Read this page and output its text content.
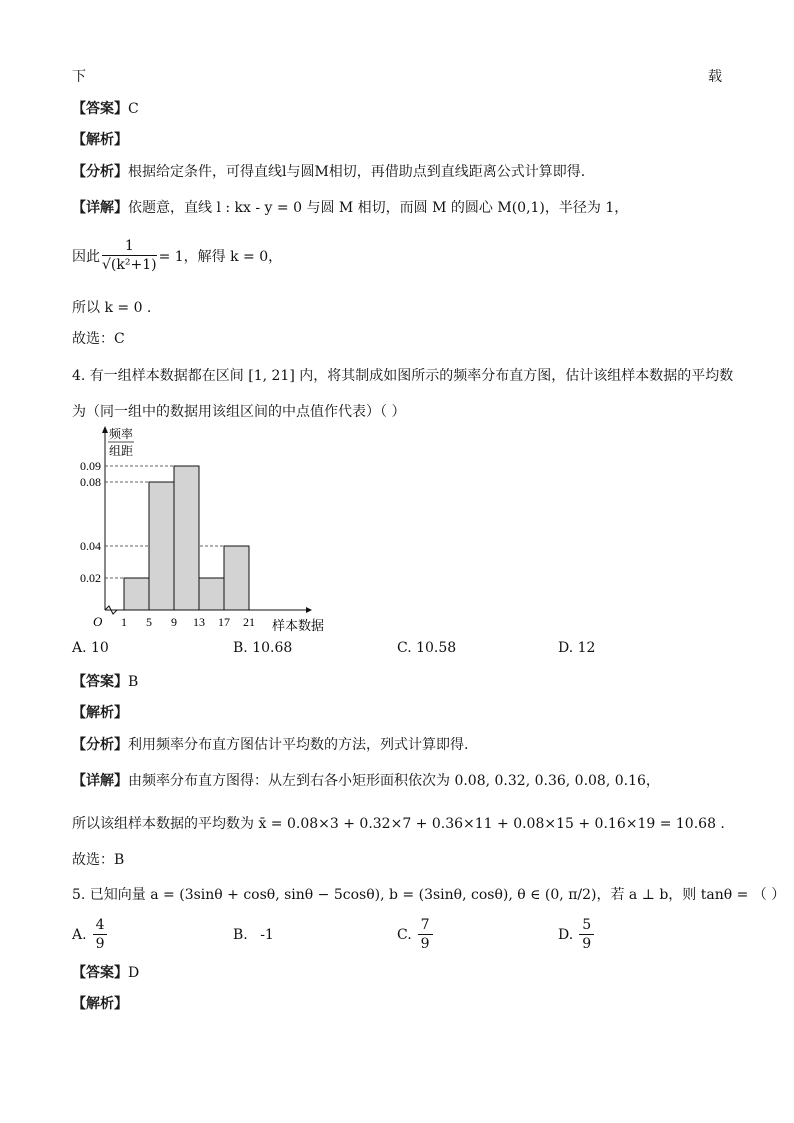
下	载
【答案】C
【解析】
【分析】根据给定条件，可得直线l与圆M相切，再借助点到直线距离公式计算即得.
【详解】依题意，直线 l : kx - y = 0 与圆 M 相切，而圆 M 的圆心 M(0,1)，半径为 1，
因此 $\frac{1}{\text{√(k²+1)}} = 1$，解得 k = 0，
所以 k = 0 .
故选：C
4. 有一组样本数据都在区间 [1, 21] 内，将其制成如图所示的频率分布直方图，估计该组样本数据的平均数
为（同一组中的数据用该组区间的中点值作代表）（ ）
0.02
0.04
0.08
0.09
1 5 9 13 17 21
O	样本数据
频率
组距
A. 10	B. 10.68	C. 10.58	D. 12
【答案】B
【解析】
【分析】利用频率分布直方图估计平均数的方法，列式计算即得.
【详解】由频率分布直方图得：从左到右各小矩形面积依次为 0.08, 0.32, 0.36, 0.08, 0.16，
所以该组样本数据的平均数为 x̄ = 0.08×3 + 0.32×7 + 0.36×11 + 0.08×15 + 0.16×19 = 10.68 .
故选：B
5. 已知向量 a = (3sinθ + cosθ, sinθ − 5cosθ), b = (3sinθ, cosθ), θ ∈ (0, π/2)，若 a ⊥ b，则 tanθ = （ ）
A. $\frac{4}{9}$	B. -1	C. $\frac{7}{9}$	D. $\frac{5}{9}$
【答案】D
【解析】
